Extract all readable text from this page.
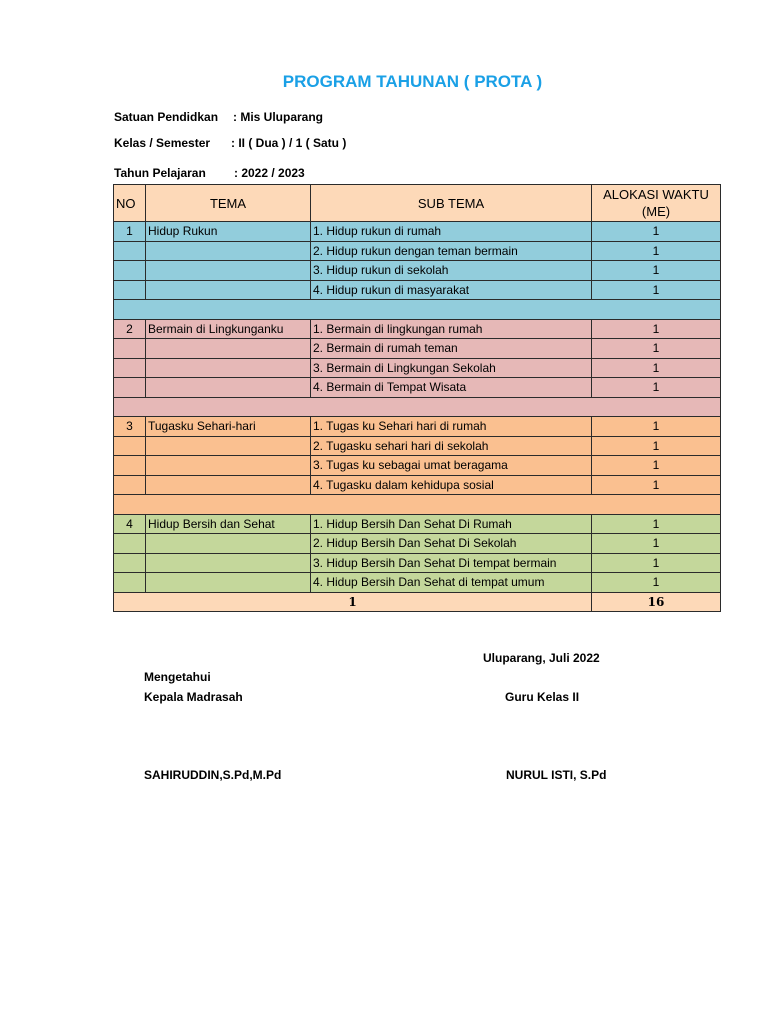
PROGRAM TAHUNAN ( PROTA )
Satuan Pendidkan : Mis Uluparang
Kelas / Semester : II ( Dua ) / 1 ( Satu )
Tahun Pelajaran : 2022 / 2023
NO	TEMA	SUB TEMA	ALOKASI WAKTU (ME)
1	Hidup Rukun	1. Hidup rukun di rumah	1
		2. Hidup rukun dengan teman bermain	1
		3. Hidup rukun di sekolah	1
		4. Hidup rukun di masyarakat	1

2	Bermain di Lingkunganku	1. Bermain di lingkungan rumah	1
		2. Bermain di rumah teman	1
		3. Bermain di Lingkungan Sekolah	1
		4. Bermain di Tempat Wisata	1

3	Tugasku Sehari-hari	1. Tugas ku Sehari hari di rumah	1
		2. Tugasku sehari hari di sekolah	1
		3. Tugas ku sebagai umat beragama	1
		4. Tugasku dalam kehidupa sosial	1

4	Hidup Bersih dan Sehat	1. Hidup Bersih Dan Sehat Di Rumah	1
		2. Hidup Bersih Dan Sehat Di Sekolah	1
		3. Hidup Bersih Dan Sehat Di tempat bermain	1
		4. Hidup Bersih Dan Sehat di tempat umum	1
1			16
Uluparang, Juli 2022
Mengetahui
Kepala Madrasah	Guru Kelas II
SAHIRUDDIN,S.Pd,M.Pd	NURUL ISTI, S.Pd
